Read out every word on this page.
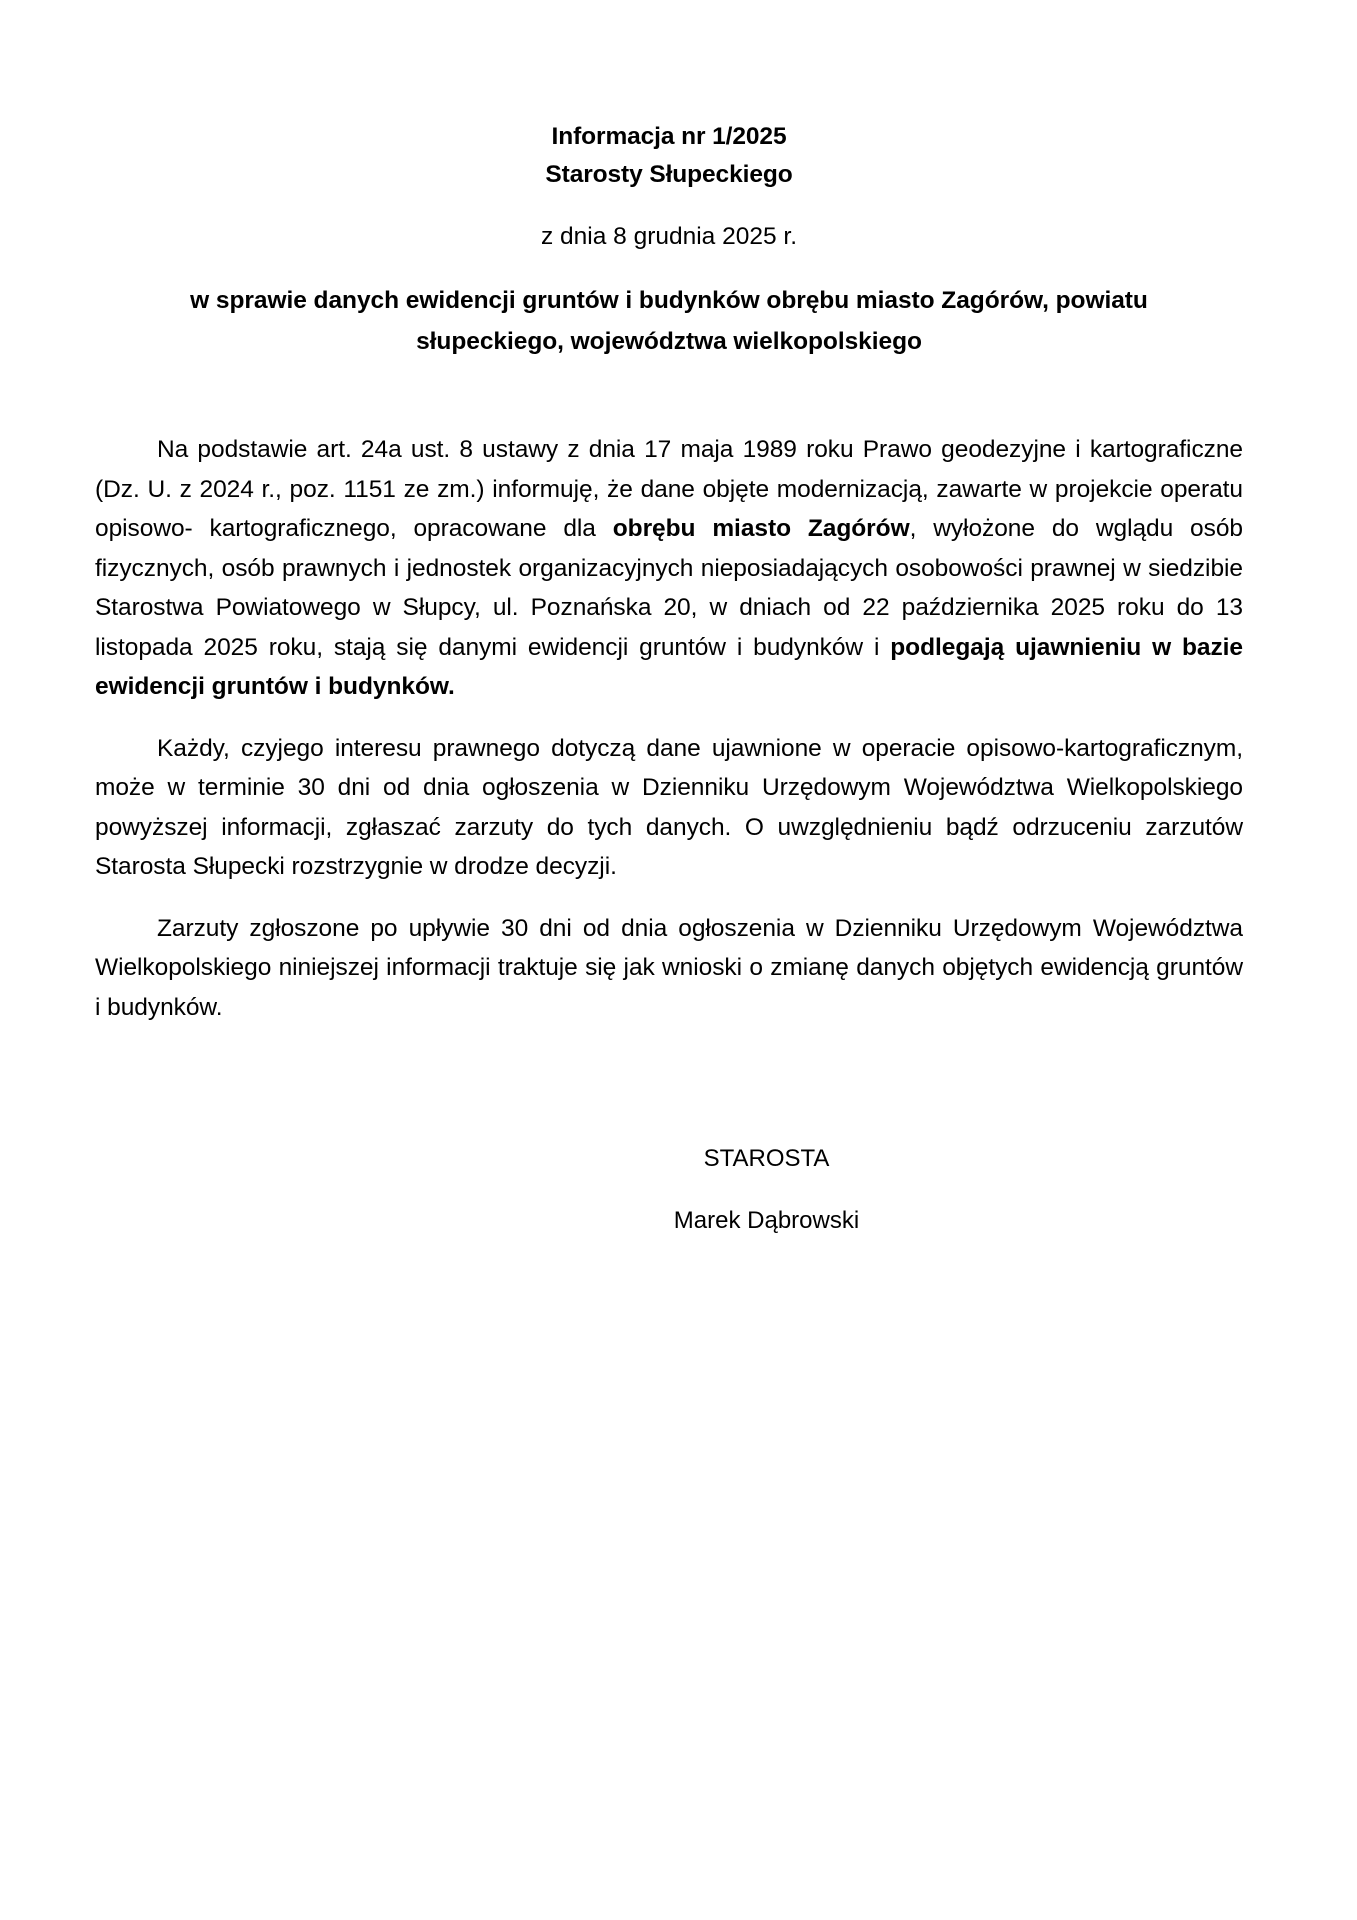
Informacja nr 1/2025
Starosty Słupeckiego
z dnia 8 grudnia 2025 r.
w sprawie danych ewidencji gruntów i budynków obrębu miasto Zagórów, powiatu
słupeckiego, województwa wielkopolskiego

Na podstawie art. 24a ust. 8 ustawy z dnia 17 maja 1989 roku Prawo geodezyjne i kartograficzne (Dz. U. z 2024 r., poz. 1151 ze zm.) informuję, że dane objęte modernizacją, zawarte w projekcie operatu opisowo- kartograficznego, opracowane dla obrębu miasto Zagórów, wyłożone do wglądu osób fizycznych, osób prawnych i jednostek organizacyjnych nieposiadających osobowości prawnej w siedzibie Starostwa Powiatowego w Słupcy, ul. Poznańska 20, w dniach od 22 października 2025 roku do 13 listopada 2025 roku, stają się danymi ewidencji gruntów i budynków i podlegają ujawnieniu w bazie ewidencji gruntów i budynków.

Każdy, czyjego interesu prawnego dotyczą dane ujawnione w operacie opisowo-kartograficznym, może w terminie 30 dni od dnia ogłoszenia w Dzienniku Urzędowym Województwa Wielkopolskiego powyższej informacji, zgłaszać zarzuty do tych danych. O uwzględnieniu bądź odrzuceniu zarzutów Starosta Słupecki rozstrzygnie w drodze decyzji.

Zarzuty zgłoszone po upływie 30 dni od dnia ogłoszenia w Dzienniku Urzędowym Województwa Wielkopolskiego niniejszej informacji traktuje się jak wnioski o zmianę danych objętych ewidencją gruntów i budynków.

STAROSTA
Marek Dąbrowski
